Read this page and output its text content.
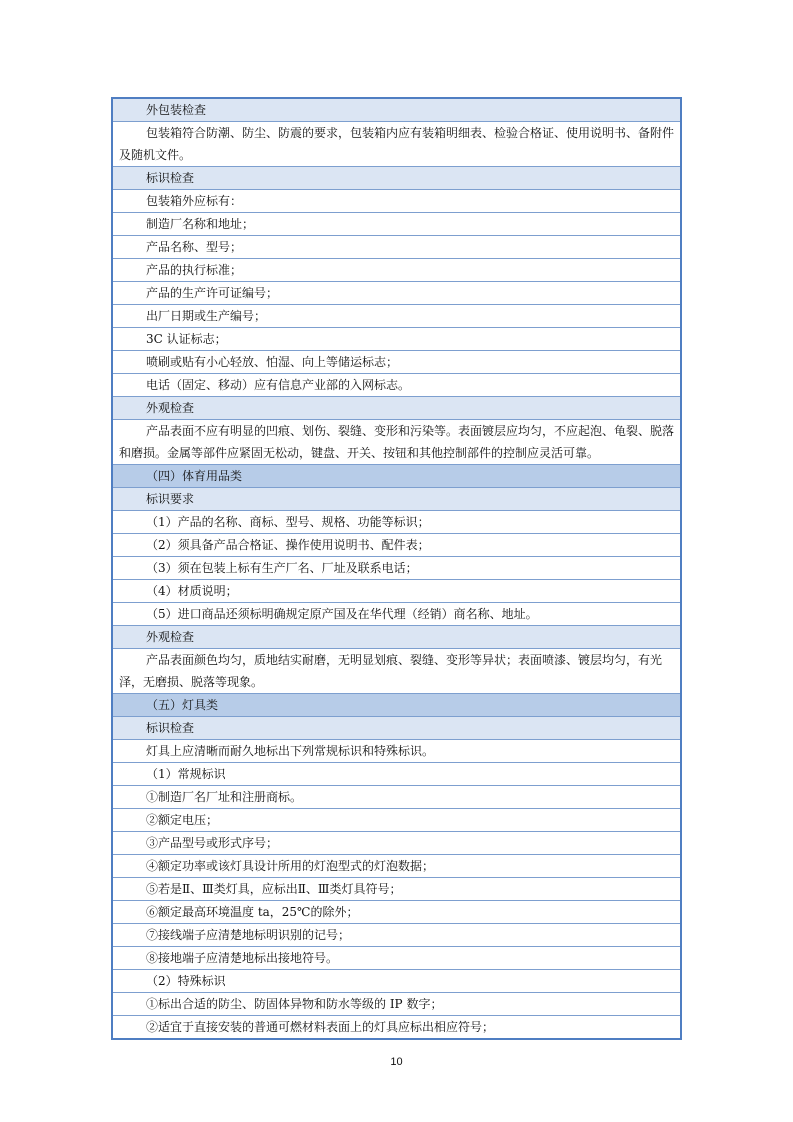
外包装检查
包装箱符合防潮、防尘、防震的要求，包装箱内应有装箱明细表、检验合格证、使用说明书、备附件及随机文件。
标识检查
包装箱外应标有：
制造厂名称和地址；
产品名称、型号；
产品的执行标准；
产品的生产许可证编号；
出厂日期或生产编号；
3C 认证标志；
喷刷或贴有小心轻放、怕湿、向上等储运标志；
电话（固定、移动）应有信息产业部的入网标志。
外观检查
产品表面不应有明显的凹痕、划伤、裂缝、变形和污染等。表面镀层应均匀，不应起泡、龟裂、脱落和磨损。金属等部件应紧固无松动，键盘、开关、按钮和其他控制部件的控制应灵活可靠。
（四）体育用品类
标识要求
（1）产品的名称、商标、型号、规格、功能等标识；
（2）须具备产品合格证、操作使用说明书、配件表；
（3）须在包装上标有生产厂名、厂址及联系电话；
（4）材质说明；
（5）进口商品还须标明确规定原产国及在华代理（经销）商名称、地址。
外观检查
产品表面颜色均匀，质地结实耐磨，无明显划痕、裂缝、变形等异状；表面喷漆、镀层均匀，有光泽，无磨损、脱落等现象。
（五）灯具类
标识检查
灯具上应清晰而耐久地标出下列常规标识和特殊标识。
（1）常规标识
①制造厂名厂址和注册商标。
②额定电压；
③产品型号或形式序号；
④额定功率或该灯具设计所用的灯泡型式的灯泡数据；
⑤若是Ⅱ、Ⅲ类灯具，应标出Ⅱ、Ⅲ类灯具符号；
⑥额定最高环境温度 ta，25℃的除外；
⑦接线端子应清楚地标明识别的记号；
⑧接地端子应清楚地标出接地符号。
（2）特殊标识
①标出合适的防尘、防固体异物和防水等级的 IP 数字；
②适宜于直接安装的普通可燃材料表面上的灯具应标出相应符号；
10
